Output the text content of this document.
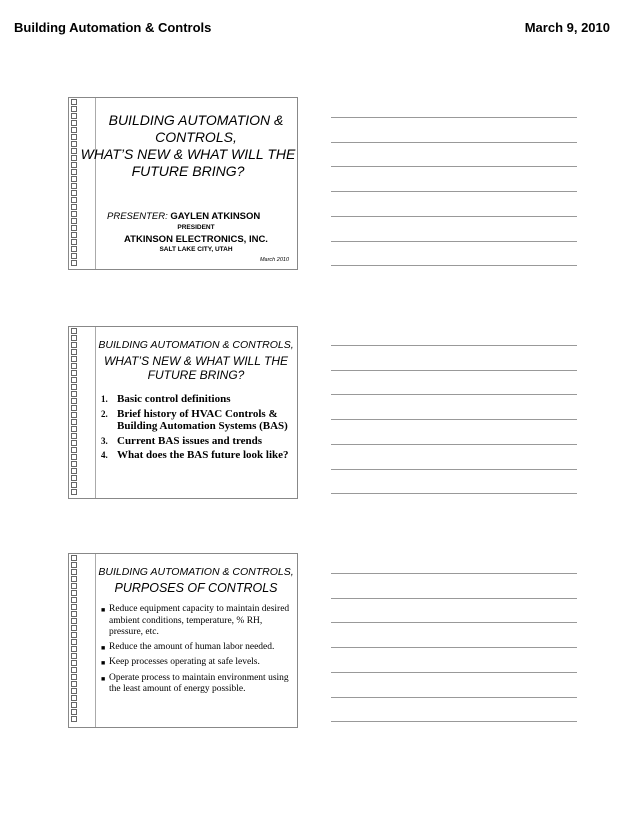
Building Automation & Controls	March 9, 2010
BUILDING AUTOMATION & CONTROLS,
WHAT’S NEW & WHAT WILL THE FUTURE BRING?
PRESENTER: GAYLEN ATKINSON
PRESIDENT
ATKINSON ELECTRONICS, INC.
SALT LAKE CITY, UTAH
March 2010
BUILDING AUTOMATION & CONTROLS,
WHAT’S NEW & WHAT WILL THE FUTURE BRING?
1. Basic control definitions
2. Brief history of HVAC Controls & Building Automation Systems (BAS)
3. Current BAS issues and trends
4. What does the BAS future look like?
BUILDING AUTOMATION & CONTROLS,
PURPOSES OF CONTROLS
■ Reduce equipment capacity to maintain desired ambient conditions, temperature, % RH, pressure, etc.
■ Reduce the amount of human labor needed.
■ Keep processes operating at safe levels.
■ Operate process to maintain environment using the least amount of energy possible.
